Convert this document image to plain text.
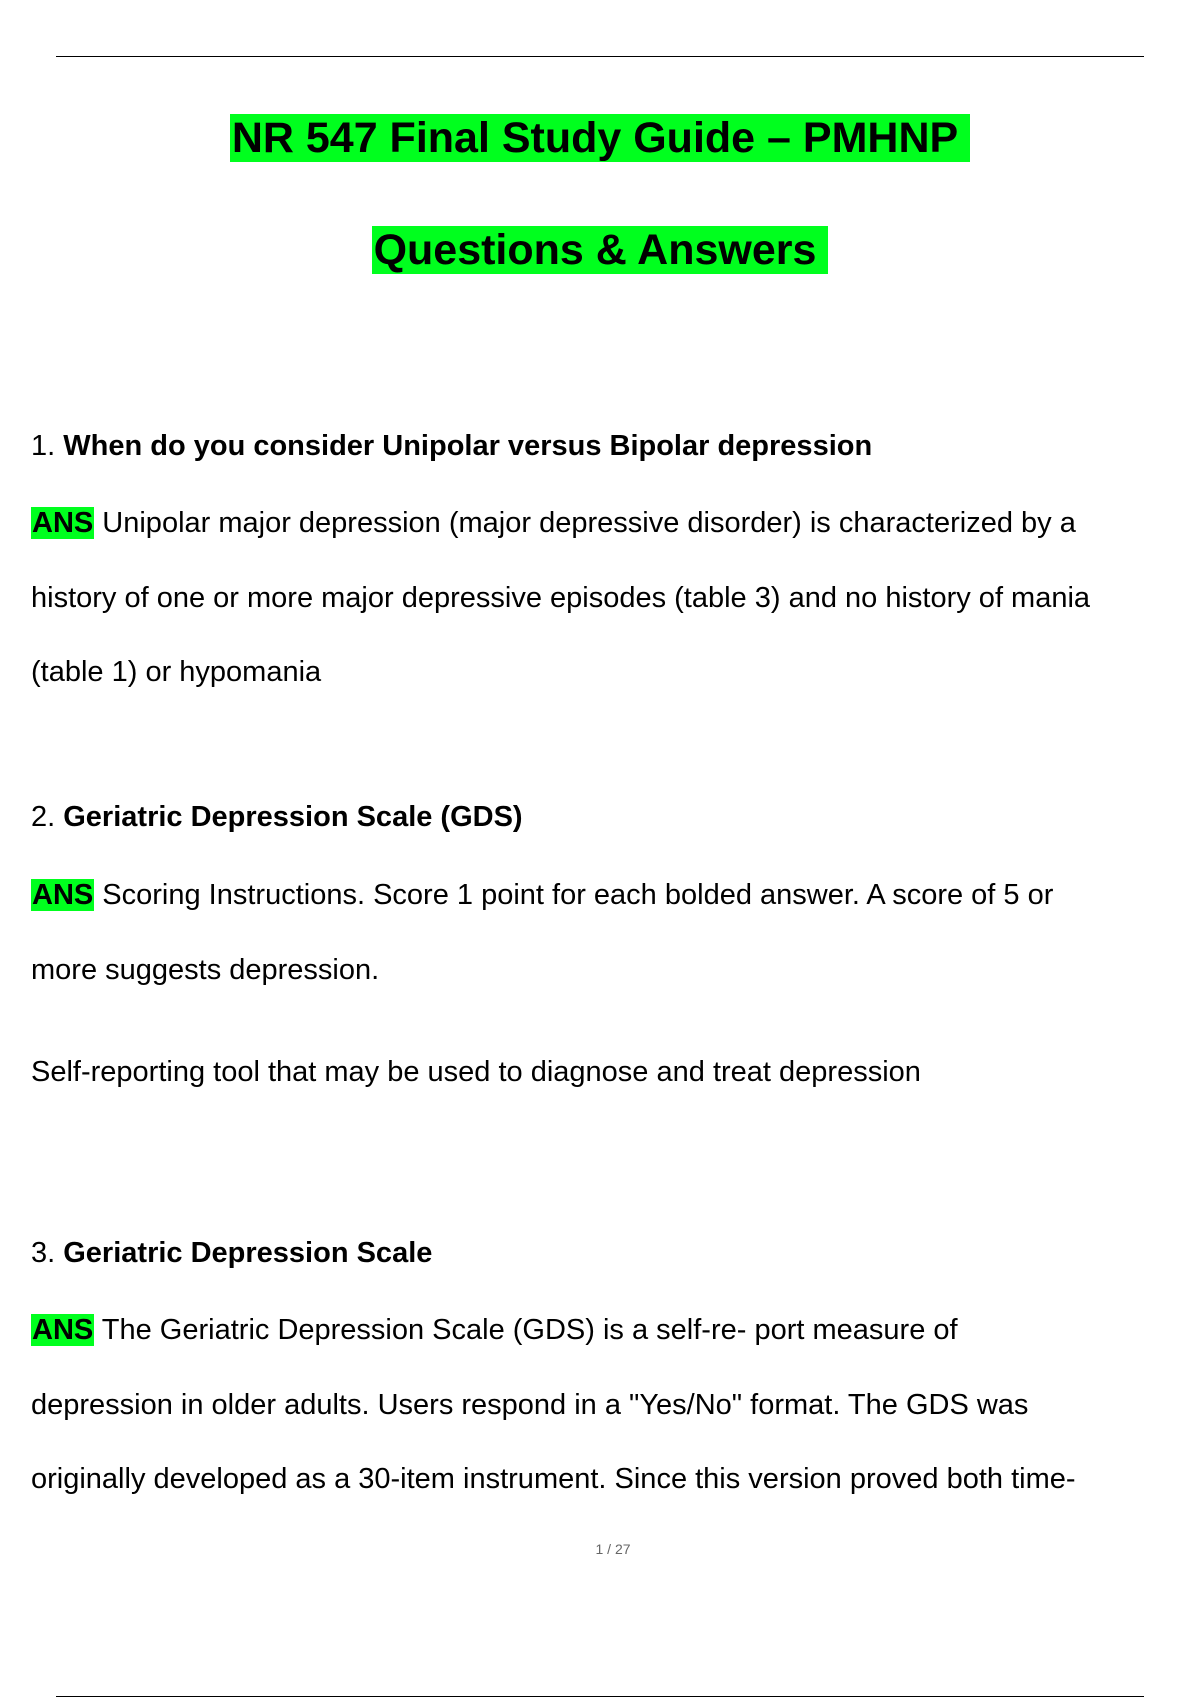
NR 547 Final Study Guide – PMHNP
Questions & Answers
1. When do you consider Unipolar versus Bipolar depression
ANS Unipolar major depression (major depressive disorder) is characterized by a
history of one or more major depressive episodes (table 3) and no history of mania
(table 1) or hypomania
2. Geriatric Depression Scale (GDS)
ANS Scoring Instructions. Score 1 point for each bolded answer. A score of 5 or
more suggests depression.
Self-reporting tool that may be used to diagnose and treat depression
3. Geriatric Depression Scale
ANS The Geriatric Depression Scale (GDS) is a self-re- port measure of
depression in older adults. Users respond in a "Yes/No" format. The GDS was
originally developed as a 30-item instrument. Since this version proved both time-
1 / 27
